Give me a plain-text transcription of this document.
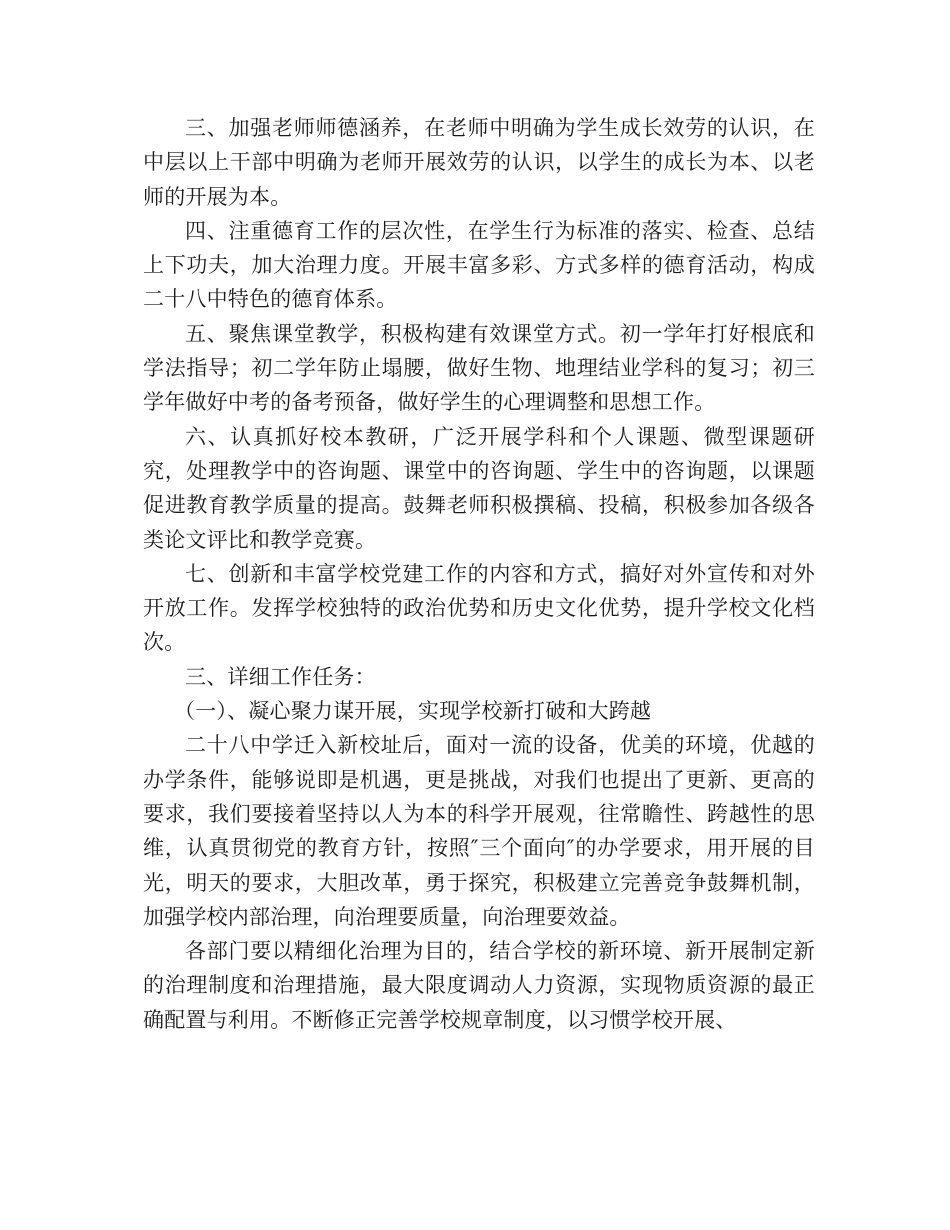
三、加强老师师德涵养，在老师中明确为学生成长效劳的认识，在中层以上干部中明确为老师开展效劳的认识，以学生的成长为本、以老师的开展为本。

四、注重德育工作的层次性，在学生行为标准的落实、检查、总结上下功夫，加大治理力度。开展丰富多彩、方式多样的德育活动，构成二十八中特色的德育体系。

五、聚焦课堂教学，积极构建有效课堂方式。初一学年打好根底和学法指导；初二学年防止塌腰，做好生物、地理结业学科的复习；初三学年做好中考的备考预备，做好学生的心理调整和思想工作。

六、认真抓好校本教研，广泛开展学科和个人课题、微型课题研究，处理教学中的咨询题、课堂中的咨询题、学生中的咨询题，以课题促进教育教学质量的提高。鼓舞老师积极撰稿、投稿，积极参加各级各类论文评比和教学竞赛。

七、创新和丰富学校党建工作的内容和方式，搞好对外宣传和对外开放工作。发挥学校独特的政治优势和历史文化优势，提升学校文化档次。

三、详细工作任务：

（一）、凝心聚力谋开展，实现学校新打破和大跨越

二十八中学迁入新校址后，面对一流的设备，优美的环境，优越的办学条件，能够说即是机遇，更是挑战，对我们也提出了更新、更高的要求，我们要接着坚持以人为本的科学开展观，往常瞻性、跨越性的思维，认真贯彻党的教育方针，按照″三个面向″的办学要求，用开展的目光，明天的要求，大胆改革，勇于探究，积极建立完善竞争鼓舞机制，加强学校内部治理，向治理要质量，向治理要效益。

各部门要以精细化治理为目的，结合学校的新环境、新开展制定新的治理制度和治理措施，最大限度调动人力资源，实现物质资源的最正确配置与利用。不断修正完善学校规章制度，以习惯学校开展、
